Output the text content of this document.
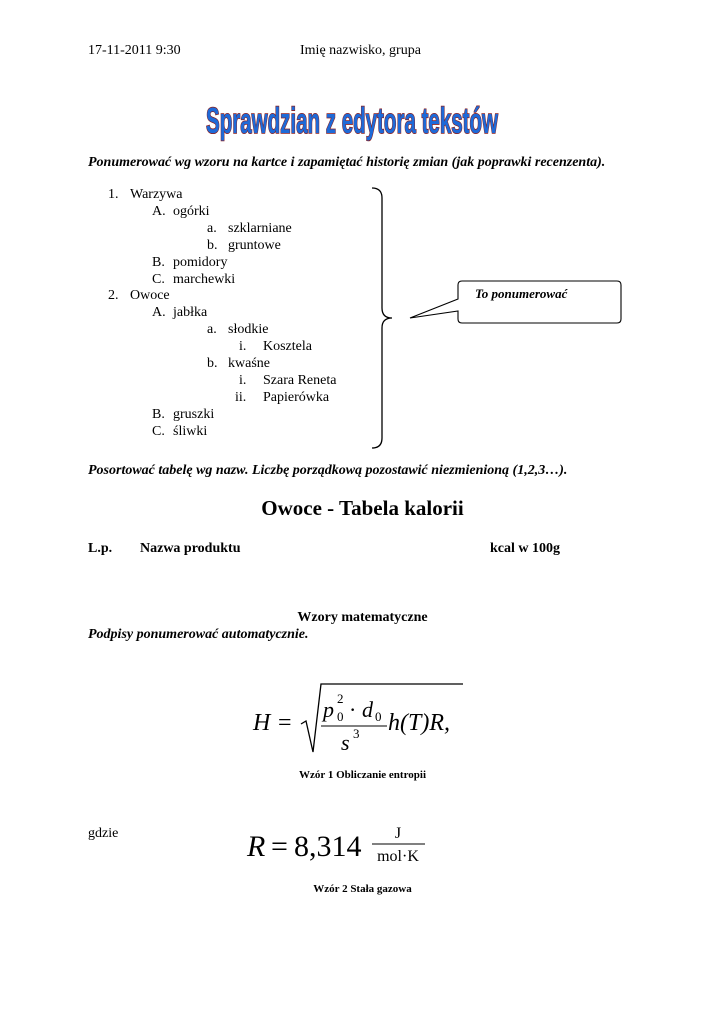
17-11-2011 9:30	Imię nazwisko, grupa
Sprawdzian z edytora tekstów
Ponumerować wg wzoru na kartce i zapamiętać historię zmian (jak poprawki recenzenta).
1. Warzywa
A. ogórki
a. szklarniane
b. gruntowe
B. pomidory
C. marchewki
2. Owoce
A. jabłka
a. słodkie
i. Kosztela
b. kwaśne
i. Szara Reneta
ii. Papierówka
B. gruszki
C. śliwki
To ponumerować
Posortować tabelę wg nazw. Liczbę porządkową pozostawić niezmienioną (1,2,3…).
Owoce - Tabela kalorii
L.p. Nazwa produktu	kcal w 100g
Wzory matematyczne
Podpisy ponumerować automatycznie.
H =
p 2
0 · d 0
s 3 h(T)R,
Wzór 1 Obliczanie entropii
gdzie	R = 8,314 J
mol·K
Wzór 2 Stała gazowa
